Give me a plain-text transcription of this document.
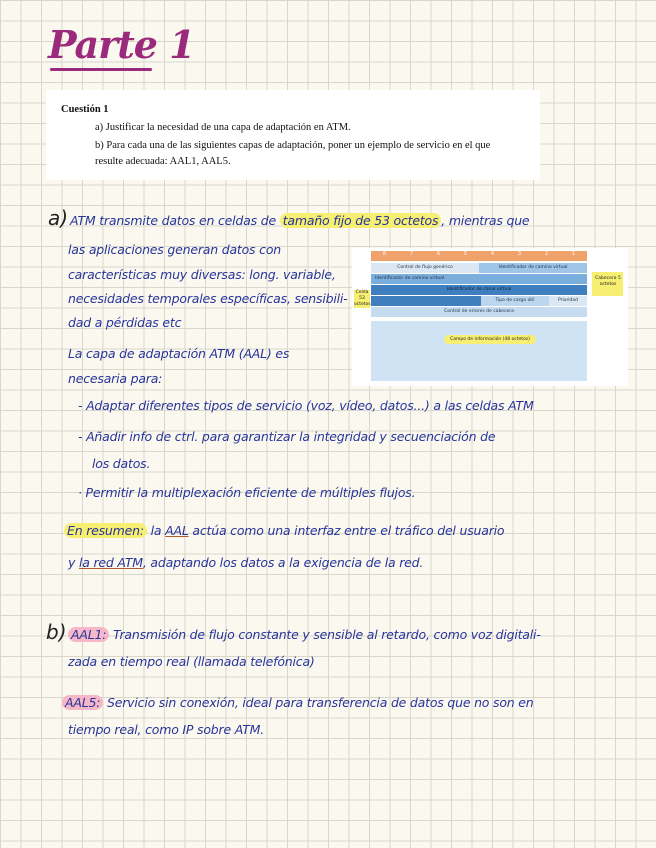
Parte 1
Cuestión 1
a) Justificar la necesidad de una capa de adaptación en ATM.
b) Para cada una de las siguientes capas de adaptación, poner un ejemplo de servicio en el que resulte adecuada: AAL1, AAL5.
a) ATM transmite datos en celdas de tamaño fijo de 53 octetos , mientras que
las aplicaciones generan datos con
características muy diversas: long. variable,
necesidades temporales específicas, sensibili-
dad a pérdidas etc
La capa de adaptación ATM (AAL) es
necesaria para:
- Adaptar diferentes tipos de servicio (voz, vídeo, datos...) a las celdas ATM
- Añadir info de ctrl. para garantizar la integridad y secuenciación de
los datos.
· Permitir la multiplexación eficiente de múltiples flujos.
En resumen: la AAL actúa como una interfaz entre el tráfico del usuario
y la red ATM, adaptando los datos a la exigencia de la red.
8	7	6	5	4	3	2	1
Control de flujo genérico	Identificador de camino virtual
Identificador de camino virtual
Identificador de canal virtual
Tipo de carga útil	Prioridad
Control de errores de cabecera
Campo de información (48 octetos)
Celda 53 octetos
Cabecera 5 octetos
b) AAL1: Transmisión de flujo constante y sensible al retardo, como voz digitali-
zada en tiempo real (llamada telefónica)
AAL5: Servicio sin conexión, ideal para transferencia de datos que no son en
tiempo real, como IP sobre ATM.
